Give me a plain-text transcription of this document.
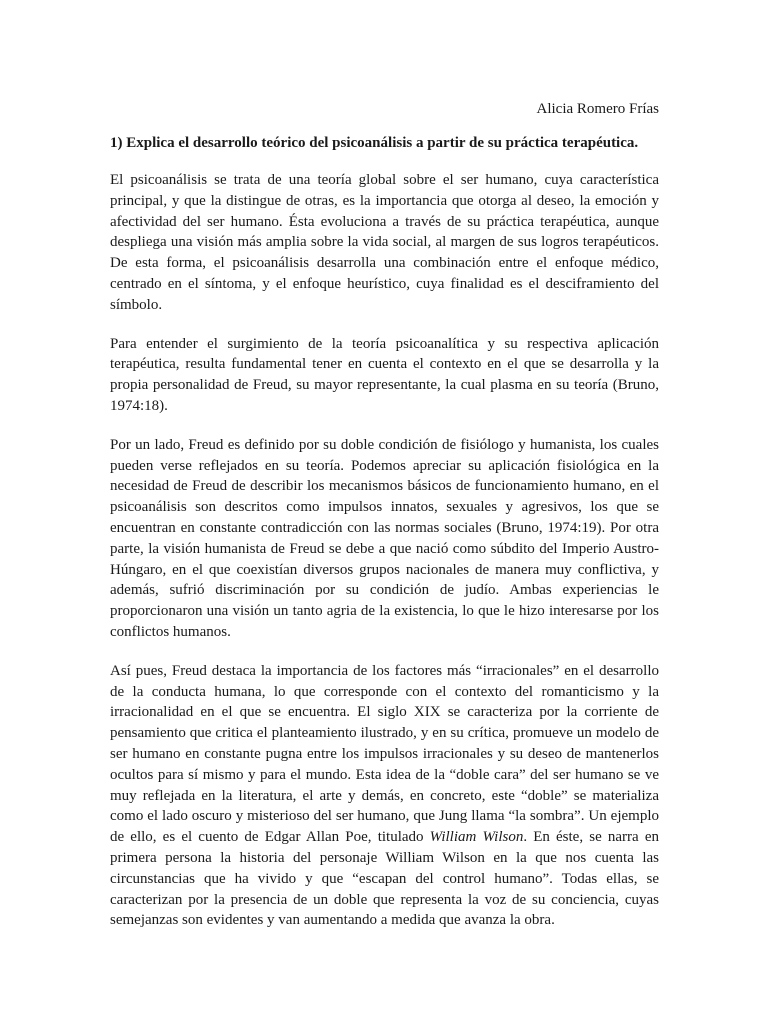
Alicia Romero Frías
1) Explica el desarrollo teórico del psicoanálisis a partir de su práctica terapéutica.

El psicoanálisis se trata de una teoría global sobre el ser humano, cuya característica principal, y que la distingue de otras, es la importancia que otorga al deseo, la emoción y afectividad del ser humano. Ésta evoluciona a través de su práctica terapéutica, aunque despliega una visión más amplia sobre la vida social, al margen de sus logros terapéuticos. De esta forma, el psicoanálisis desarrolla una combinación entre el enfoque médico, centrado en el síntoma, y el enfoque heurístico, cuya finalidad es el desciframiento del símbolo.

Para entender el surgimiento de la teoría psicoanalítica y su respectiva aplicación terapéutica, resulta fundamental tener en cuenta el contexto en el que se desarrolla y la propia personalidad de Freud, su mayor representante, la cual plasma en su teoría (Bruno, 1974:18).

Por un lado, Freud es definido por su doble condición de fisiólogo y humanista, los cuales pueden verse reflejados en su teoría. Podemos apreciar su aplicación fisiológica en la necesidad de Freud de describir los mecanismos básicos de funcionamiento humano, en el psicoanálisis son descritos como impulsos innatos, sexuales y agresivos, los que se encuentran en constante contradicción con las normas sociales (Bruno, 1974:19). Por otra parte, la visión humanista de Freud se debe a que nació como súbdito del Imperio Austro-Húngaro, en el que coexistían diversos grupos nacionales de manera muy conflictiva, y además, sufrió discriminación por su condición de judío. Ambas experiencias le proporcionaron una visión un tanto agria de la existencia, lo que le hizo interesarse por los conflictos humanos.

Así pues, Freud destaca la importancia de los factores más “irracionales” en el desarrollo de la conducta humana, lo que corresponde con el contexto del romanticismo y la irracionalidad en el que se encuentra. El siglo XIX se caracteriza por la corriente de pensamiento que critica el planteamiento ilustrado, y en su crítica, promueve un modelo de ser humano en constante pugna entre los impulsos irracionales y su deseo de mantenerlos ocultos para sí mismo y para el mundo. Esta idea de la “doble cara” del ser humano se ve muy reflejada en la literatura, el arte y demás, en concreto, este “doble” se materializa como el lado oscuro y misterioso del ser humano, que Jung llama “la sombra”. Un ejemplo de ello, es el cuento de Edgar Allan Poe, titulado William Wilson. En éste, se narra en primera persona la historia del personaje William Wilson en la que nos cuenta las circunstancias que ha vivido y que “escapan del control humano”. Todas ellas, se caracterizan por la presencia de un doble que representa la voz de su conciencia, cuyas semejanzas son evidentes y van aumentando a medida que avanza la obra.
